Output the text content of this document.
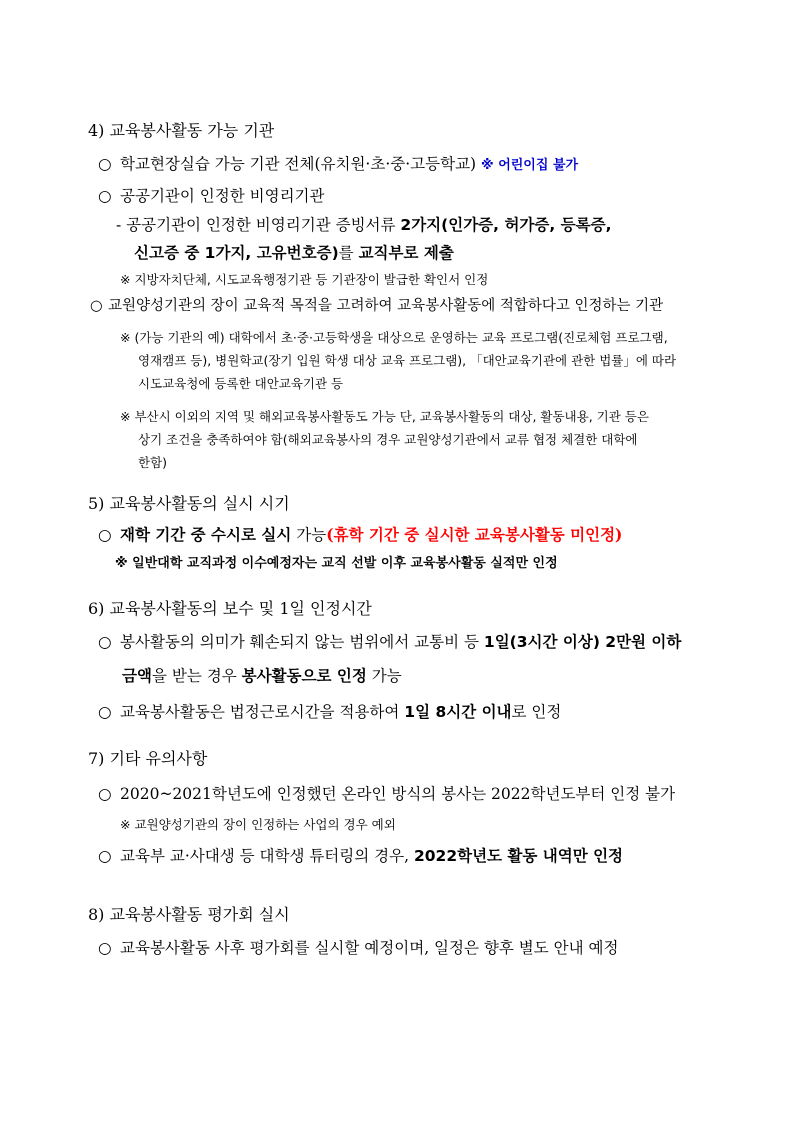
4) 교육봉사활동 가능 기관
○ 학교현장실습 가능 기관 전체(유치원·초·중·고등학교) ※ 어린이집 불가
○ 공공기관이 인정한 비영리기관
- 공공기관이 인정한 비영리기관 증빙서류 2가지(인가증, 허가증, 등록증,
신고증 중 1가지, 고유번호증)를 교직부로 제출
※ 지방자치단체, 시도교육행정기관 등 기관장이 발급한 확인서 인정
○ 교원양성기관의 장이 교육적 목적을 고려하여 교육봉사활동에 적합하다고 인정하는 기관
※ (가능 기관의 예) 대학에서 초·중·고등학생을 대상으로 운영하는 교육 프로그램(진로체험 프로그램,
영재캠프 등), 병원학교(장기 입원 학생 대상 교육 프로그램), 「대안교육기관에 관한 법률」에 따라
시도교육청에 등록한 대안교육기관 등
※ 부산시 이외의 지역 및 해외교육봉사활동도 가능 단, 교육봉사활동의 대상, 활동내용, 기관 등은
상기 조건을 충족하여야 함(해외교육봉사의 경우 교원양성기관에서 교류 협정 체결한 대학에
한함)
5) 교육봉사활동의 실시 시기
○ 재학 기간 중 수시로 실시 가능(휴학 기간 중 실시한 교육봉사활동 미인정)
※ 일반대학 교직과정 이수예정자는 교직 선발 이후 교육봉사활동 실적만 인정
6) 교육봉사활동의 보수 및 1일 인정시간
○ 봉사활동의 의미가 훼손되지 않는 범위에서 교통비 등 1일(3시간 이상) 2만원 이하
금액을 받는 경우 봉사활동으로 인정 가능
○ 교육봉사활동은 법정근로시간을 적용하여 1일 8시간 이내로 인정
7) 기타 유의사항
○ 2020~2021학년도에 인정했던 온라인 방식의 봉사는 2022학년도부터 인정 불가
※ 교원양성기관의 장이 인정하는 사업의 경우 예외
○ 교육부 교·사대생 등 대학생 튜터링의 경우, 2022학년도 활동 내역만 인정
8) 교육봉사활동 평가회 실시
○ 교육봉사활동 사후 평가회를 실시할 예정이며, 일정은 향후 별도 안내 예정
